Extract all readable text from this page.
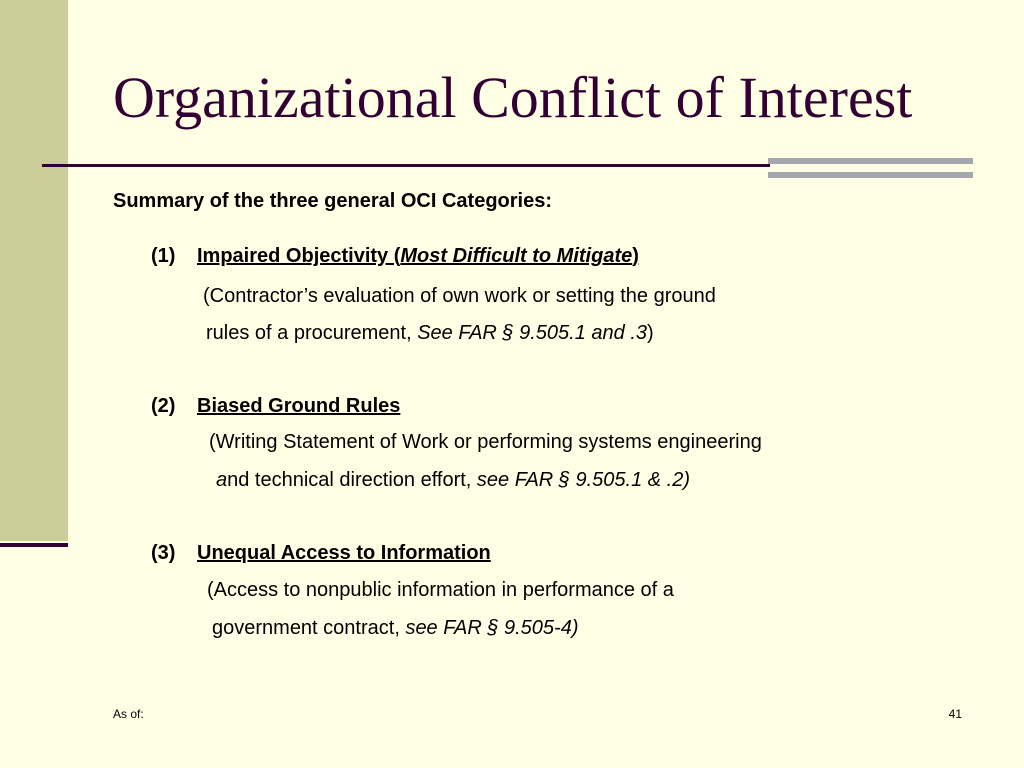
Organizational Conflict of Interest
Summary of the three general OCI Categories:
(1) Impaired Objectivity (Most Difficult to Mitigate)
(Contractor’s evaluation of own work or setting the ground
rules of a procurement, See FAR § 9.505.1 and .3)
(2) Biased Ground Rules
(Writing Statement of Work or performing systems engineering
and technical direction effort, see FAR § 9.505.1 & .2)
(3) Unequal Access to Information
(Access to nonpublic information in performance of a
government contract, see FAR § 9.505-4)
As of:	41
